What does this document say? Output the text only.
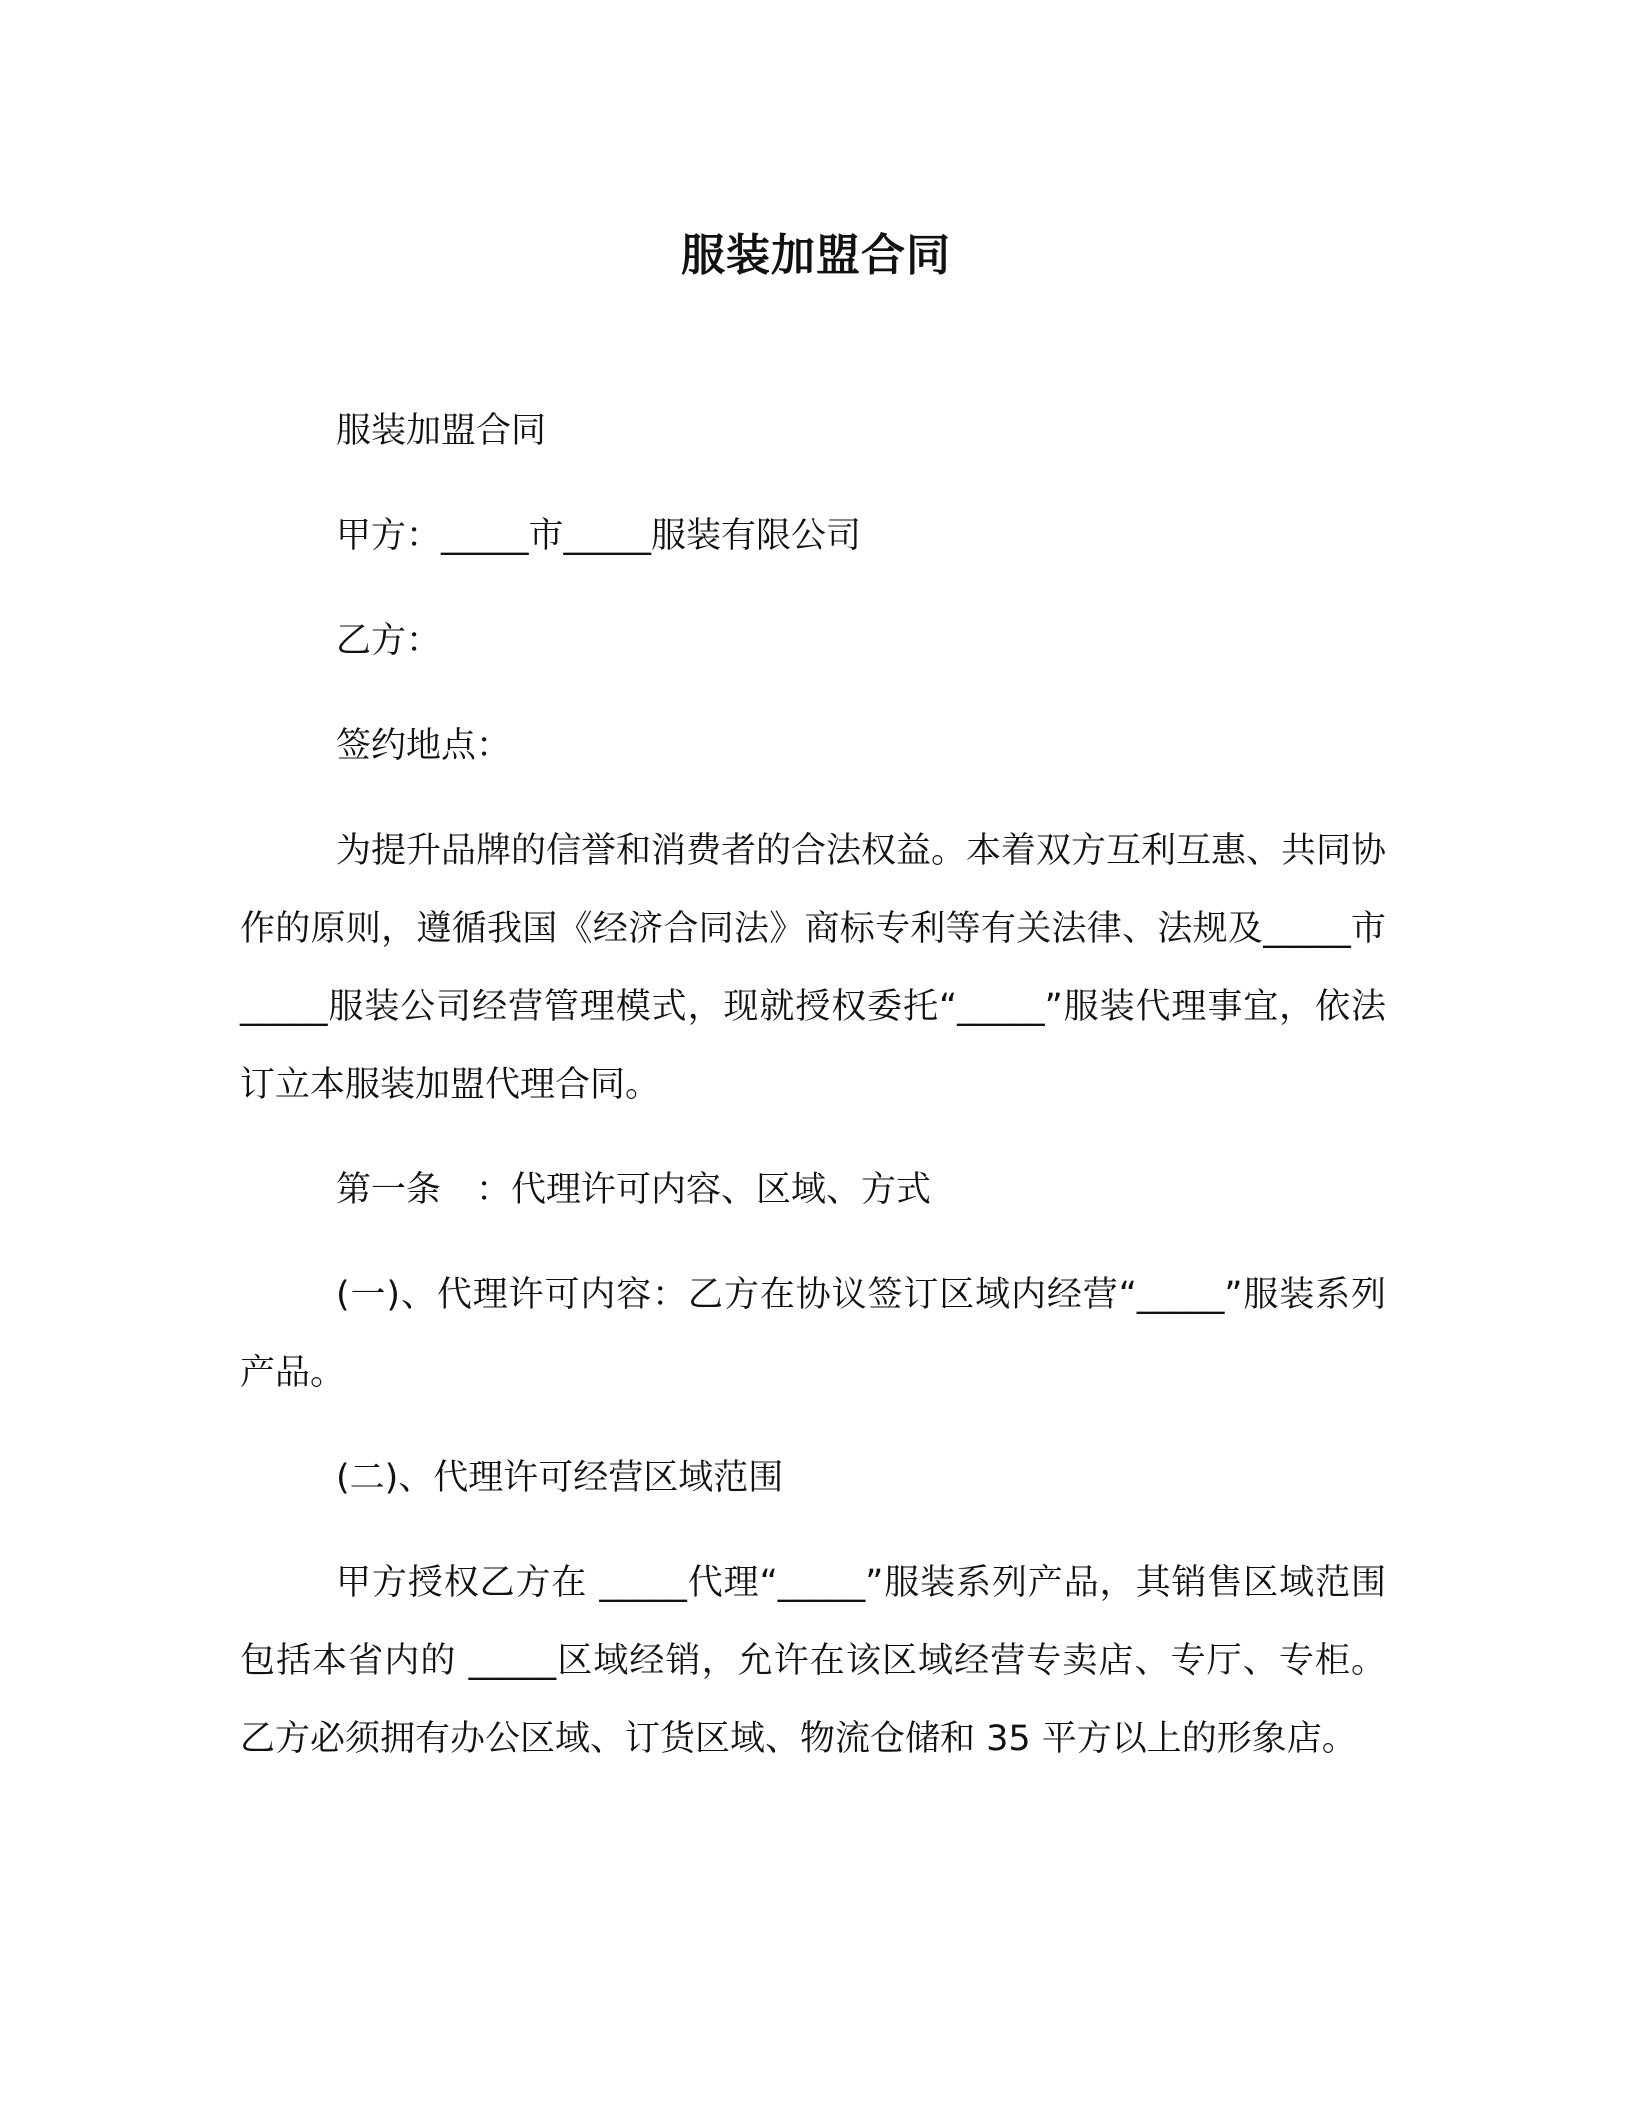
服装加盟合同

服装加盟合同

甲方：_____市_____服装有限公司

乙方：

签约地点：

为提升品牌的信誉和消费者的合法权益。本着双方互利互惠、共同协作的原则，遵循我国《经济合同法》商标专利等有关法律、法规及_____市_____服装公司经营管理模式，现就授权委托“_____”服装代理事宜，依法订立本服装加盟代理合同。

第一条　：代理许可内容、区域、方式

(一)、代理许可内容：乙方在协议签订区域内经营“_____”服装系列产品。

(二)、代理许可经营区域范围

甲方授权乙方在 _____代理“_____”服装系列产品，其销售区域范围包括本省内的 _____区域经销，允许在该区域经营专卖店、专厅、专柜。乙方必须拥有办公区域、订货区域、物流仓储和 35 平方以上的形象店。
